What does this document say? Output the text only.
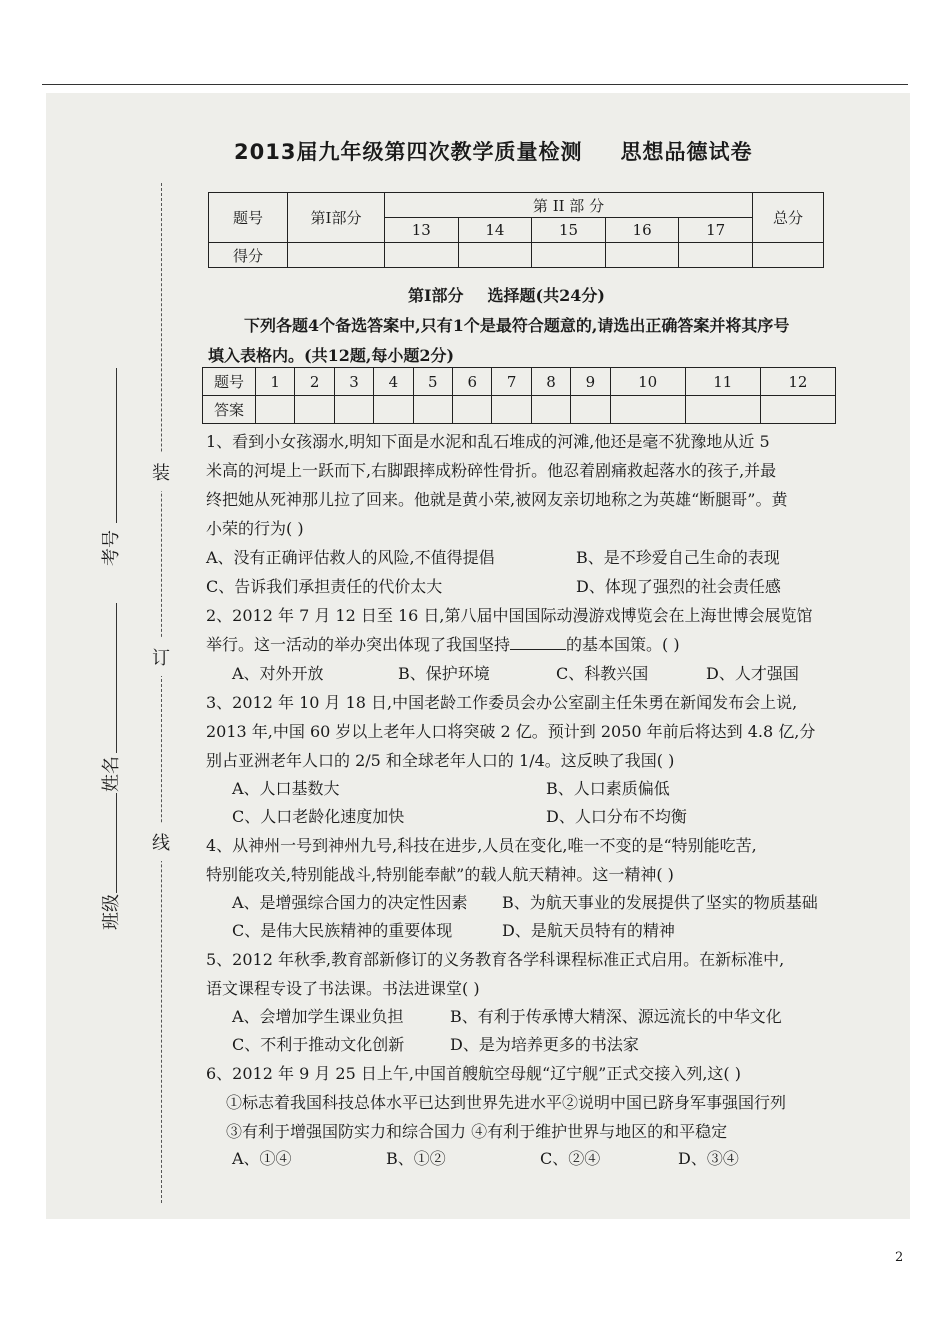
2013届九年级第四次教学质量检测 思想品德试卷
题号	第Ⅰ部分	第 II 部 分					总分
		13	14	15	16	17	
得分							
第Ⅰ部分 选择题(共24分)
下列各题4个备选答案中,只有1个是最符合题意的,请选出正确答案并将其序号
填入表格内。(共12题,每小题2分)
题号	1	2	3	4	5	6	7	8	9	10	11	12
答案												
1、看到小女孩溺水,明知下面是水泥和乱石堆成的河滩,他还是毫不犹豫地从近 5
米高的河堤上一跃而下,右脚跟摔成粉碎性骨折。他忍着剧痛救起落水的孩子,并最
终把她从死神那儿拉了回来。他就是黄小荣,被网友亲切地称之为英雄“断腿哥”。黄
小荣的行为( )
A、没有正确评估救人的风险,不值得提倡	B、是不珍爱自己生命的表现
C、告诉我们承担责任的代价太大	D、体现了强烈的社会责任感
2、2012 年 7 月 12 日至 16 日,第八届中国国际动漫游戏博览会在上海世博会展览馆
举行。这一活动的举办突出体现了我国坚持	的基本国策。( )
A、对外开放	B、保护环境	C、科教兴国	D、人才强国
3、2012 年 10 月 18 日,中国老龄工作委员会办公室副主任朱勇在新闻发布会上说,
2013 年,中国 60 岁以上老年人口将突破 2 亿。预计到 2050 年前后将达到 4.8 亿,分
别占亚洲老年人口的 2/5 和全球老年人口的 1/4。这反映了我国( )
A、人口基数大	B、人口素质偏低
C、人口老龄化速度加快	D、人口分布不均衡
4、从神州一号到神州九号,科技在进步,人员在变化,唯一不变的是“特别能吃苦,
特别能攻关,特别能战斗,特别能奉献”的载人航天精神。这一精神( )
A、是增强综合国力的决定性因素 B、为航天事业的发展提供了坚实的物质基础
C、是伟大民族精神的重要体现	D、是航天员特有的精神
5、2012 年秋季,教育部新修订的义务教育各学科课程标准正式启用。在新标准中,
语文课程专设了书法课。书法进课堂( )
A、会增加学生课业负担	B、有利于传承博大精深、源远流长的中华文化
C、不利于推动文化创新	D、是为培养更多的书法家
6、2012 年 9 月 25 日上午,中国首艘航空母舰“辽宁舰”正式交接入列,这( )
①标志着我国科技总体水平已达到世界先进水平②说明中国已跻身军事强国行列
③有利于增强国防实力和综合国力 ④有利于维护世界与地区的和平稳定
A、①④	B、①②	C、②④	D、③④
装
订
线
考号
姓名
班级
2
